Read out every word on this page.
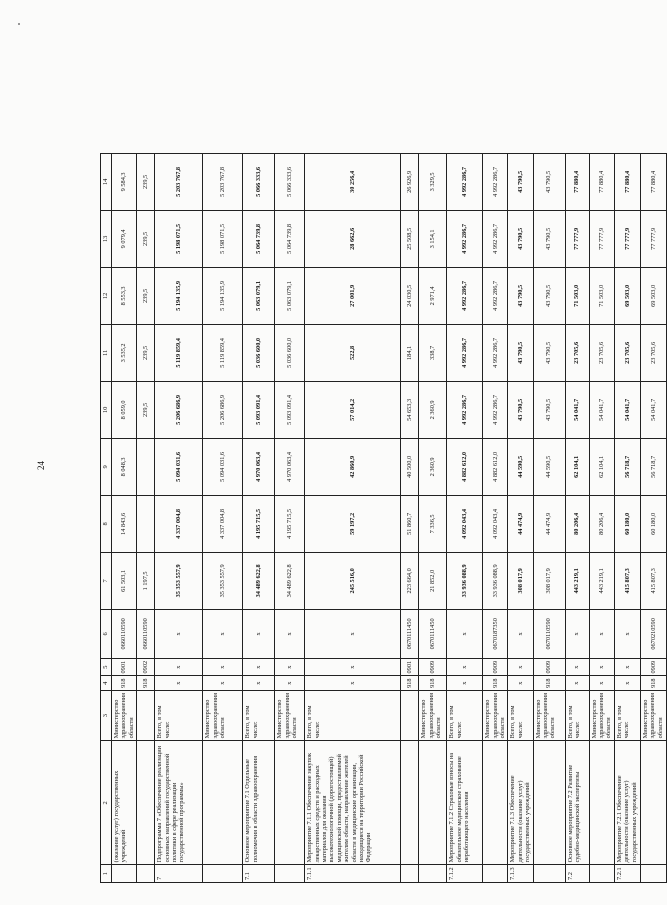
24
1	2	3	4	5	6	7	8	9	10	11	12	13	14
	(оказание услуг) государственных учреждений	Министерство здравоохранения области	918	0901	0660110590	61 503,1	14 843,6	8 048,3	8 059,0	3 535,2	8 553,3	9 079,4	9 584,3
			918	0902	0660110590	1 197,5			239,5	239,5	239,5	239,5	239,5
7	Подпрограмма 7 «Обеспечение реализации основных направлений государственной политики в сфере реализации государственной программы»	Всего, в том числе:	x	x	x	35 353 557,9	4 337 004,8	5 094 031,6	5 206 686,9	5 119 859,4	5 194 135,9	5 198 071,5	5 203 767,8
		Министерство здравоохранения области	x	x	x	35 353 557,9	4 337 004,8	5 094 031,6	5 206 686,9	5 119 859,4	5 194 135,9	5 198 071,5	5 203 767,8
7.1	Основное мероприятие 7.1 Отдельные полномочия в области здравоохранения	Всего, в том числе:	x	x	x	34 489 622,8	4 195 715,5	4 970 063,4	5 093 091,4	5 036 600,0	5 063 079,1	5 064 739,8	5 066 333,6
		Министерство здравоохранения области	x	x	x	34 489 622,8	4 195 715,5	4 970 063,4	5 093 091,4	5 036 600,0	5 063 079,1	5 064 739,8	5 066 333,6
7.1.1	Мероприятие 7.1.1 Обеспечение закупок лекарственных средств и расходных материалов для оказания высокотехнологичной (дорогостоящей) медицинской помощи, предоставляемой жителям области, направление жителей области в медицинские организации, находящиеся на территории Российской Федерации	Всего, в том числе:	x	x	x	245 516,0	59 197,2	42 860,9	57 014,2	522,8	27 001,9	28 662,6	30 256,4
			918	0901	0670111450	223 664,0	51 860,7	40 500,0	54 653,3	184,1	24 030,5	25 508,5	26 926,9
		Министерство здравоохранения области	918	0909	0670111450	21 852,0	7 336,5	2 360,9	2 360,9	338,7	2 971,4	3 154,1	3 329,5
7.1.2	Мероприятие 7.1.2 Страховые взносы на обязательное медицинское страхование неработающего населения	Всего, в том числе:	x	x	x	33 936 088,9	4 092 043,4	4 882 612,0	4 992 286,7	4 992 286,7	4 992 286,7	4 992 286,7	4 992 286,7
		Министерство здравоохранения области	918	0909	0670187350	33 936 088,9	4 092 043,4	4 882 612,0	4 992 286,7	4 992 286,7	4 992 286,7	4 992 286,7	4 992 286,7
7.1.3	Мероприятие 7.1.3 Обеспечение деятельности (оказание услуг) государственных учреждений	Всего, в том числе:	x	x	x	308 017,9	44 474,9	44 590,5	43 790,5	43 790,5	43 790,5	43 790,5	43 790,5
		Министерство здравоохранения области	918	0909	0670110590	308 017,9	44 474,9	44 590,5	43 790,5	43 790,5	43 790,5	43 790,5	43 790,5
7.2	Основное мероприятие 7.2 Развитие судебно-медицинской экспертизы	Всего, в том числе:	x	x	x	443 219,1	80 206,4	62 104,1	54 041,7	23 705,6	71 503,0	77 777,9	77 880,4
		Министерство здравоохранения области	x	x	x	443 219,1	80 206,4	62 104,1	54 041,7	23 705,6	71 503,0	77 777,9	77 880,4
7.2.1	Мероприятие 7.2.1 Обеспечение деятельности (оказание услуг) государственных учреждений	Всего, в том числе:	x	x	x	415 807,3	60 180,0	56 718,7	54 041,7	23 705,6	69 503,0	77 777,9	77 880,4
		Министерство здравоохранения области	918	0909	0670210590	415 807,3	60 180,0	56 718,7	54 041,7	23 705,6	69 503,0	77 777,9	77 880,4
